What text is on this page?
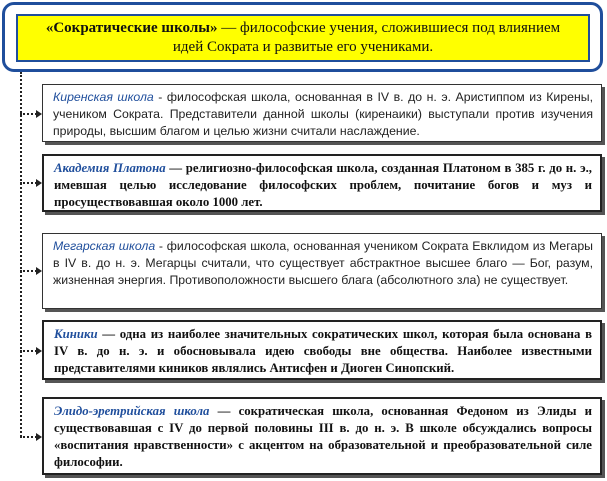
«Сократические школы» — философские учения, сложившиеся под влиянием идей Сократа и развитые его учениками.
Киренская школа - философская школа, основанная в IV в. до н. э. Аристиппом из Кирены, учеником Сократа. Представители данной школы (киренаики) выступали против изучения природы, высшим благом и целью жизни считали наслаждение.
Академия Платона — религиозно-философская школа, созданная Платоном в 385 г. до н. э., имевшая целью исследование философских проблем, почитание богов и муз и просуществовавшая около 1000 лет.
Мегарская школа - философская школа, основанная учеником Сократа Евклидом из Мегары в IV в. до н. э. Мегарцы считали, что существует абстрактное высшее благо — Бог, разум, жизненная энергия. Противоположности высшего блага (абсолютного зла) не существует.
Киники — одна из наиболее значительных сократических школ, которая была основана в IV в. до н. э. и обосновывала идею свободы вне общества. Наиболее известными представителями киников являлись Антисфен и Диоген Синопский.
Элидо-эретрийская школа — сократическая школа, основанная Федоном из Элиды и существовавшая с IV до первой половины III в. до н. э. В школе обсуждались вопросы «воспитания нравственности» с акцентом на образовательной и преобразовательной силе философии.
